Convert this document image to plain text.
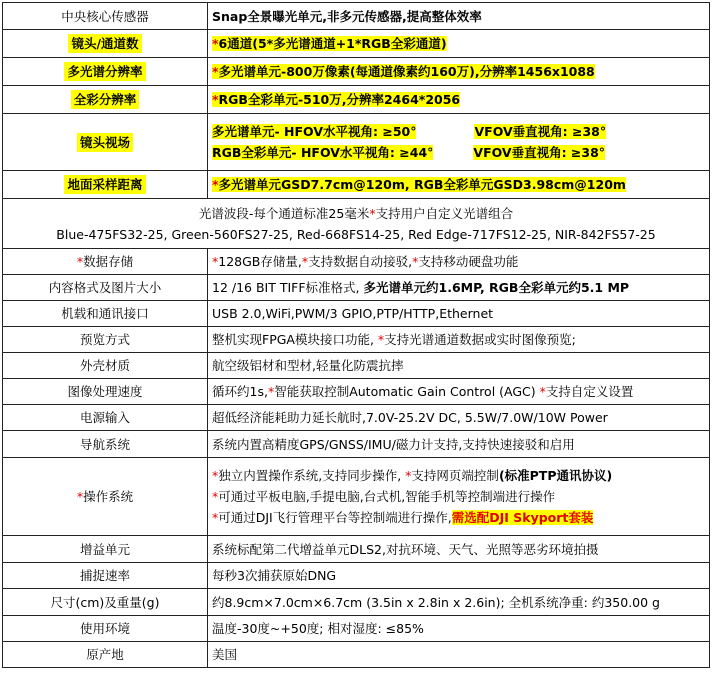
中央核心传感器	Snap全景曝光单元,非多元传感器,提高整体效率
镜头/通道数	*6通道(5*多光谱通道+1*RGB全彩通道)
多光谱分辨率	*多光谱单元-800万像素(每通道像素约160万),分辨率1456x1088
全彩分辨率	*RGB全彩单元-510万,分辨率2464*2056
镜头视场	多光谱单元- HFOV水平视角: ≥50° VFOV垂直视角: ≥38°
RGB全彩单元- HFOV水平视角: ≥44° VFOV垂直视角: ≥38°

地面采样距离	*多光谱单元GSD7.7cm@120m, RGB全彩单元GSD3.98cm@120m

光谱波段-每个通道标准25毫米*支持用户自定义光谱组合
Blue-475FS32-25, Green-560FS27-25, Red-668FS14-25, Red Edge-717FS12-25, NIR-842FS57-25	

*数据存储	*128GB存储量,*支持数据自动接驳,*支持移动硬盘功能
内容格式及图片大小	12 /16 BIT TIFF标准格式, 多光谱单元约1.6MP, RGB全彩单元约5.1 MP
机载和通讯接口	USB 2.0,WiFi,PWM/3 GPIO,PTP/HTTP,Ethernet
预览方式	整机实现FPGA模块接口功能, *支持光谱通道数据或实时图像预览;
外壳材质	航空级铝材和型材,轻量化防震抗摔
图像处理速度	循环约1s,*智能获取控制Automatic Gain Control (AGC) *支持自定义设置
电源输入	超低经济能耗助力延长航时,7.0V-25.2V DC, 5.5W/7.0W/10W Power
导航系统	系统内置高精度GPS/GNSS/IMU/磁力计支持,支持快速接驳和启用
*操作系统	*独立内置操作系统,支持同步操作, *支持网页端控制(标准PTP通讯协议)
*可通过平板电脑,手提电脑,台式机,智能手机等控制端进行操作
*可通过DJI飞行管理平台等控制端进行操作,需选配DJI Skyport套装

增益单元	系统标配第二代增益单元DLS2,对抗环境、天气、光照等恶劣环境拍摄
捕捉速率	每秒3次捕获原始DNG
尺寸(cm)及重量(g)	约8.9cm×7.0cm×6.7cm (3.5in x 2.8in x 2.6in); 全机系统净重: 约350.00 g
使用环境	温度-30度~+50度; 相对湿度: ≤85%
原产地	美国
